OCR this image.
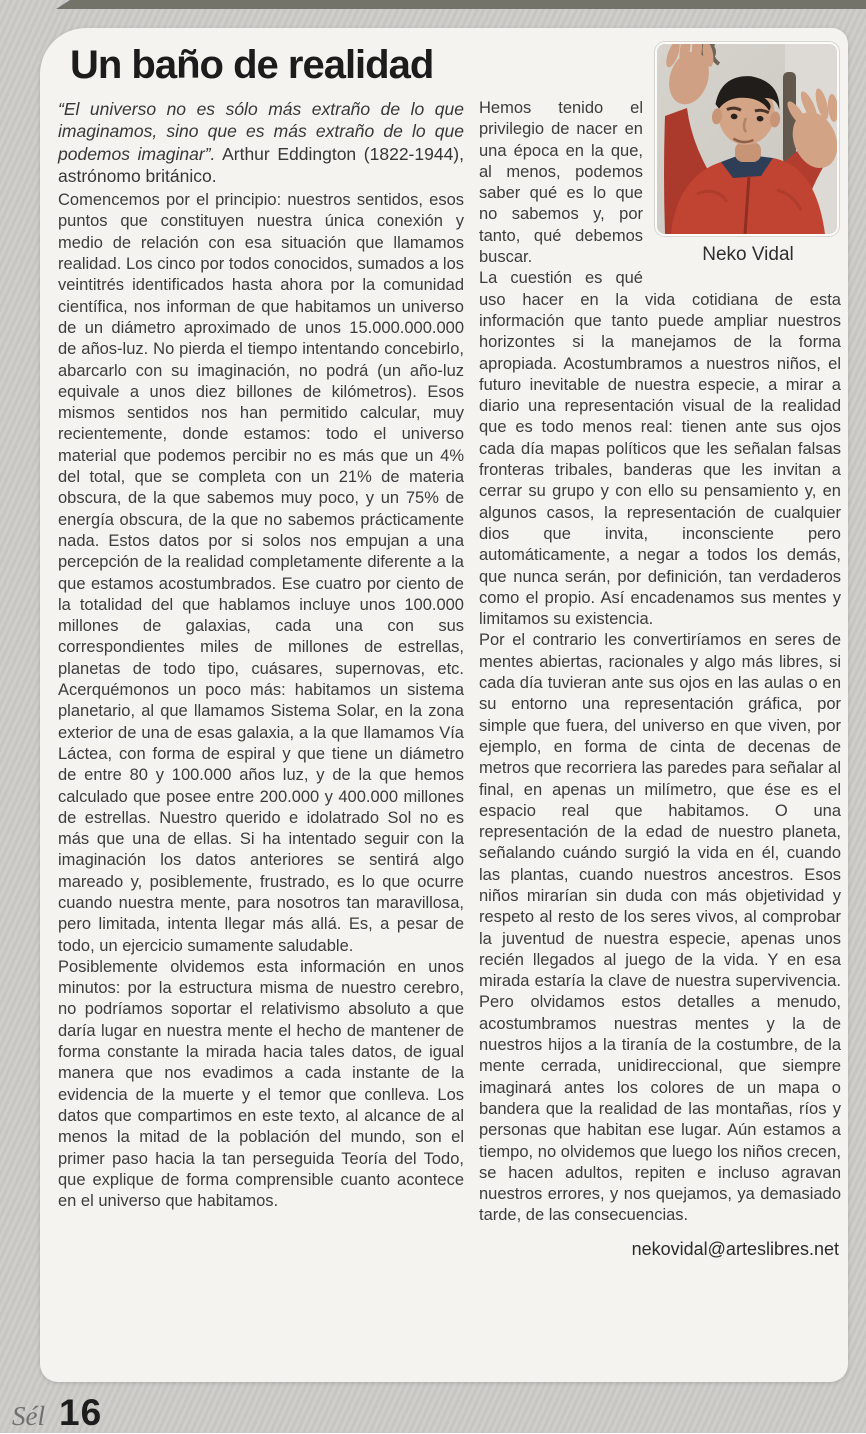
Un baño de realidad

“El universo no es sólo más extraño de lo que imaginamos, sino que es más extraño de lo que podemos imaginar”. Arthur Eddington (1822-1944), astrónomo británico.

Comencemos por el principio: nuestros sentidos, esos puntos que constituyen nuestra única conexión y medio de relación con esa situación que llamamos realidad. Los cinco por todos conocidos, sumados a los veintitrés identificados hasta ahora por la comunidad científica, nos informan de que habitamos un universo de un diámetro aproximado de unos 15.000.000.000 de años-luz. No pierda el tiempo intentando concebirlo, abarcarlo con su imaginación, no podrá (un año-luz equivale a unos diez billones de kilómetros). Esos mismos sentidos nos han permitido calcular, muy recientemente, donde estamos: todo el universo material que podemos percibir no es más que un 4% del total, que se completa con un 21% de materia obscura, de la que sabemos muy poco, y un 75% de energía obscura, de la que no sabemos prácticamente nada. Estos datos por si solos nos empujan a una percepción de la realidad completamente diferente a la que estamos acostumbrados. Ese cuatro por ciento de la totalidad del que hablamos incluye unos 100.000 millones de galaxias, cada una con sus correspondientes miles de millones de estrellas, planetas de todo tipo, cuásares, supernovas, etc. Acerquémonos un poco más: habitamos un sistema planetario, al que llamamos Sistema Solar, en la zona exterior de una de esas galaxia, a la que llamamos Vía Láctea, con forma de espiral y que tiene un diámetro de entre 80 y 100.000 años luz, y de la que hemos calculado que posee entre 200.000 y 400.000 millones de estrellas. Nuestro querido e idolatrado Sol no es más que una de ellas. Si ha intentado seguir con la imaginación los datos anteriores se sentirá algo mareado y, posiblemente, frustrado, es lo que ocurre cuando nuestra mente, para nosotros tan maravillosa, pero limitada, intenta llegar más allá. Es, a pesar de todo, un ejercicio sumamente saludable.

Posiblemente olvidemos esta información en unos minutos: por la estructura misma de nuestro cerebro, no podríamos soportar el relativismo absoluto a que daría lugar en nuestra mente el hecho de mantener de forma constante la mirada hacia tales datos, de igual manera que nos evadimos a cada instante de la evidencia de la muerte y el temor que conlleva. Los datos que compartimos en este texto, al alcance de al menos la mitad de la población del mundo, son el primer paso hacia la tan perseguida Teoría del Todo, que explique de forma comprensible cuanto acontece en el universo que habitamos.

Neko Vidal

Hemos tenido el privilegio de nacer en una época en la que, al menos, podemos saber qué es lo que no sabemos y, por tanto, qué debemos buscar.

La cuestión es qué uso hacer en la vida cotidiana de esta información que tanto puede ampliar nuestros horizontes si la manejamos de la forma apropiada. Acostumbramos a nuestros niños, el futuro inevitable de nuestra especie, a mirar a diario una representación visual de la realidad que es todo menos real: tienen ante sus ojos cada día mapas políticos que les señalan falsas fronteras tribales, banderas que les invitan a cerrar su grupo y con ello su pensamiento y, en algunos casos, la representación de cualquier dios que invita, inconsciente pero automáticamente, a negar a todos los demás, que nunca serán, por definición, tan verdaderos como el propio. Así encadenamos sus mentes y limitamos su existencia.

Por el contrario les convertiríamos en seres de mentes abiertas, racionales y algo más libres, si cada día tuvieran ante sus ojos en las aulas o en su entorno una representación gráfica, por simple que fuera, del universo en que viven, por ejemplo, en forma de cinta de decenas de metros que recorriera las paredes para señalar al final, en apenas un milímetro, que ése es el espacio real que habitamos. O una representación de la edad de nuestro planeta, señalando cuándo surgió la vida en él, cuando las plantas, cuando nuestros ancestros. Esos niños mirarían sin duda con más objetividad y respeto al resto de los seres vivos, al comprobar la juventud de nuestra especie, apenas unos recién llegados al juego de la vida. Y en esa mirada estaría la clave de nuestra supervivencia. Pero olvidamos estos detalles a menudo, acostumbramos nuestras mentes y la de nuestros hijos a la tiranía de la costumbre, de la mente cerrada, unidireccional, que siempre imaginará antes los colores de un mapa o bandera que la realidad de las montañas, ríos y personas que habitan ese lugar. Aún estamos a tiempo, no olvidemos que luego los niños crecen, se hacen adultos, repiten e incluso agravan nuestros errores, y nos quejamos, ya demasiado tarde, de las consecuencias.

nekovidal@arteslibres.net

Sél 16
